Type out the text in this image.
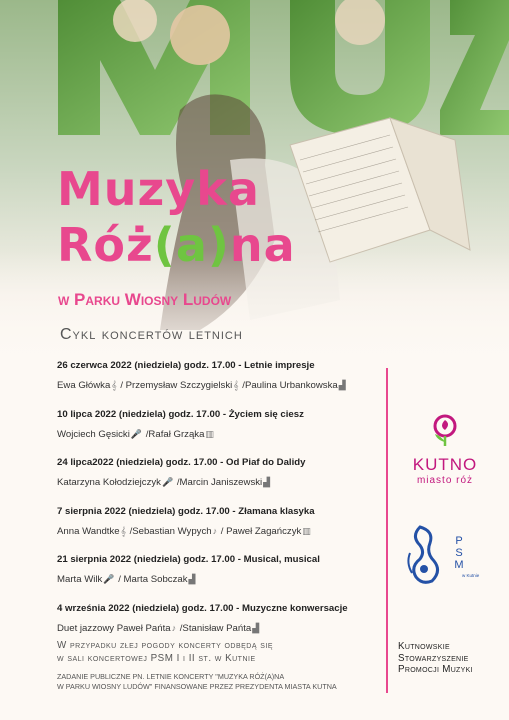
Muzyka
Róż(a)na
w Parku Wiosny Ludów
Cykl koncertów letnich
26 czerwca 2022 (niedziela) godz. 17.00 - Letnie impresje
Ewa Główka𝄞 / Przemysław Szczygielski𝄞 /Paulina Urbankowska▟
10 lipca 2022 (niedziela) godz. 17.00 - Życiem się ciesz
Wojciech Gęsicki🎤 /Rafał Grząka▥
24 lipca2022 (niedziela) godz. 17.00 - Od Piaf do Dalidy
Katarzyna Kołodziejczyk🎤 /Marcin Janiszewski▟
7 sierpnia 2022 (niedziela) godz. 17.00 - Złamana klasyka
Anna Wandtke𝄞 /Sebastian Wypych♪ / Paweł Zagańczyk▥
21 sierpnia 2022 (niedziela) godz. 17.00 - Musical, musical
Marta Wilk🎤 / Marta Sobczak▟
4 września 2022 (niedziela) godz. 17.00 - Muzyczne konwersacje
Duet jazzowy Paweł Pańta♪ /Stanisław Pańta▟
W przypadku złej pogody koncerty odbędą się
w sali koncertowej PSM I i II st. w Kutnie
ZADANIE PUBLICZNE PN. LETNIE KONCERTY "MUZYKA RÓŻ(A)NA
W PARKU WIOSNY LUDÓW" FINANSOWANE PRZEZ PREZYDENTA MIASTA KUTNA
KUTNO
miasto róż
P
S
M
w Kutnie
Kutnowskie
Stowarzyszenie
Promocji Muzyki
